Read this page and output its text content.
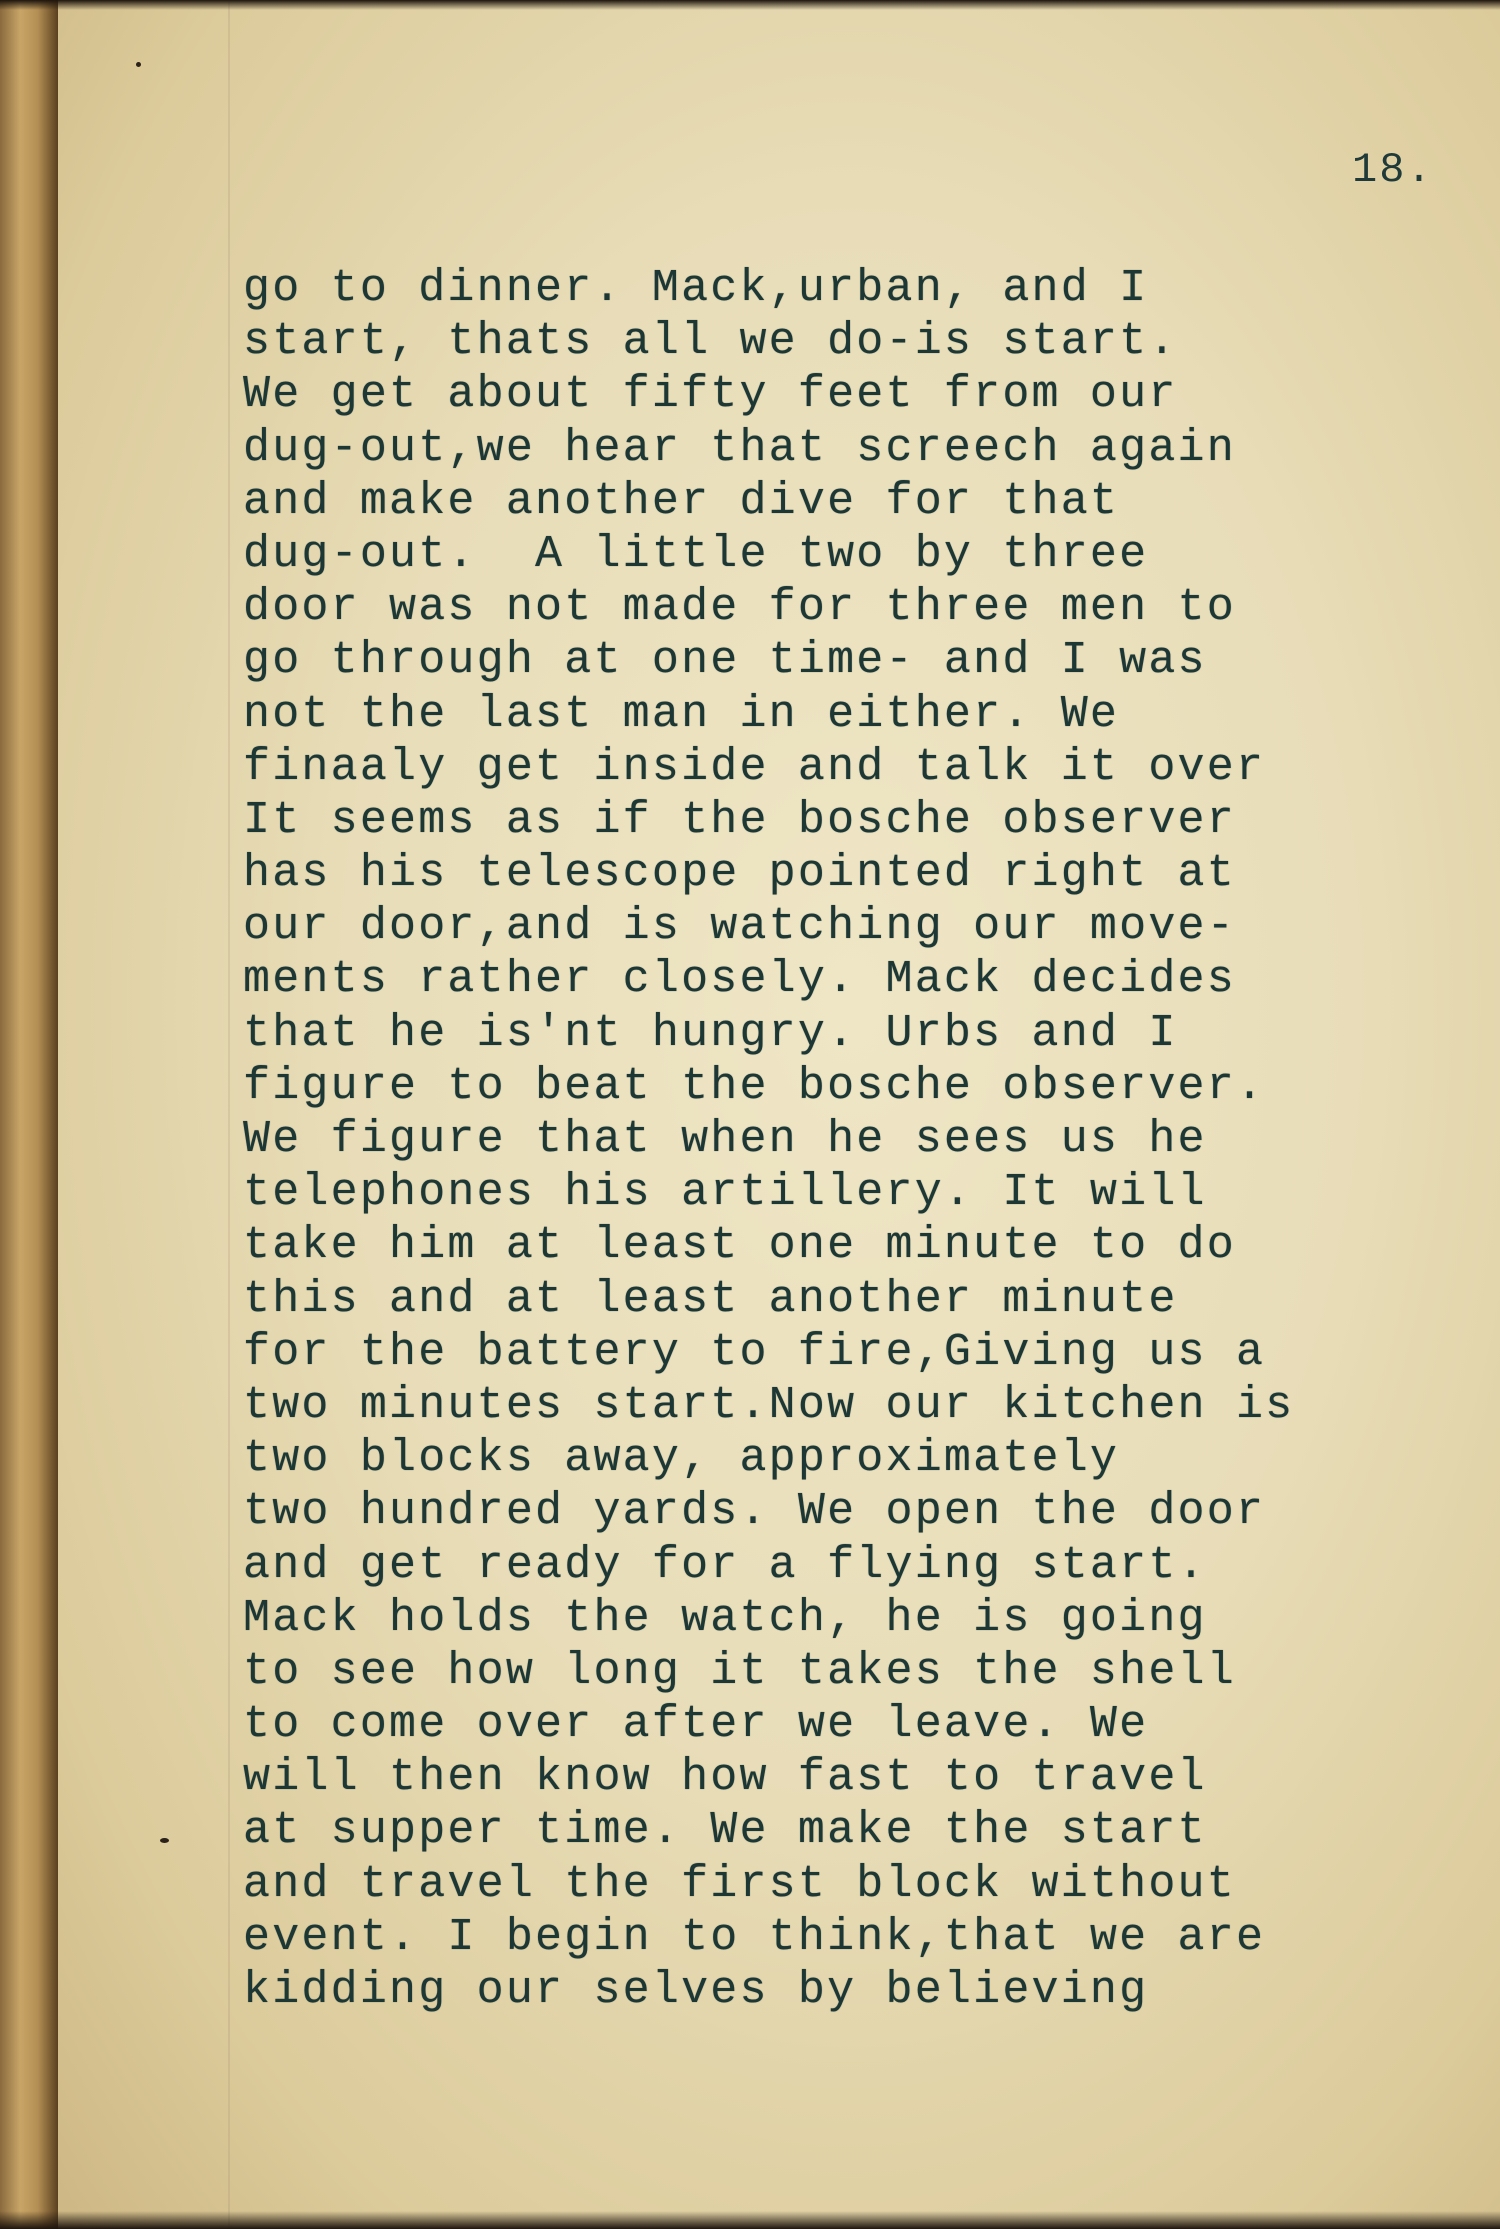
18.
go to dinner. Mack,urban, and I
start, thats all we do-is start.
We get about fifty feet from our
dug-out,we hear that screech again
and make another dive for that
dug-out.  A little two by three
door was not made for three men to
go through at one time- and I was
not the last man in either. We
finaaly get inside and talk it over
It seems as if the bosche observer
has his telescope pointed right at
our door,and is watching our move-
ments rather closely. Mack decides
that he is'nt hungry. Urbs and I
figure to beat the bosche observer.
We figure that when he sees us he
telephones his artillery. It will
take him at least one minute to do
this and at least another minute
for the battery to fire,Giving us a
two minutes start.Now our kitchen is
two blocks away, approximately
two hundred yards. We open the door
and get ready for a flying start.
Mack holds the watch, he is going
to see how long it takes the shell
to come over after we leave. We
will then know how fast to travel
at supper time. We make the start
and travel the first block without
event. I begin to think,that we are
kidding our selves by believing
